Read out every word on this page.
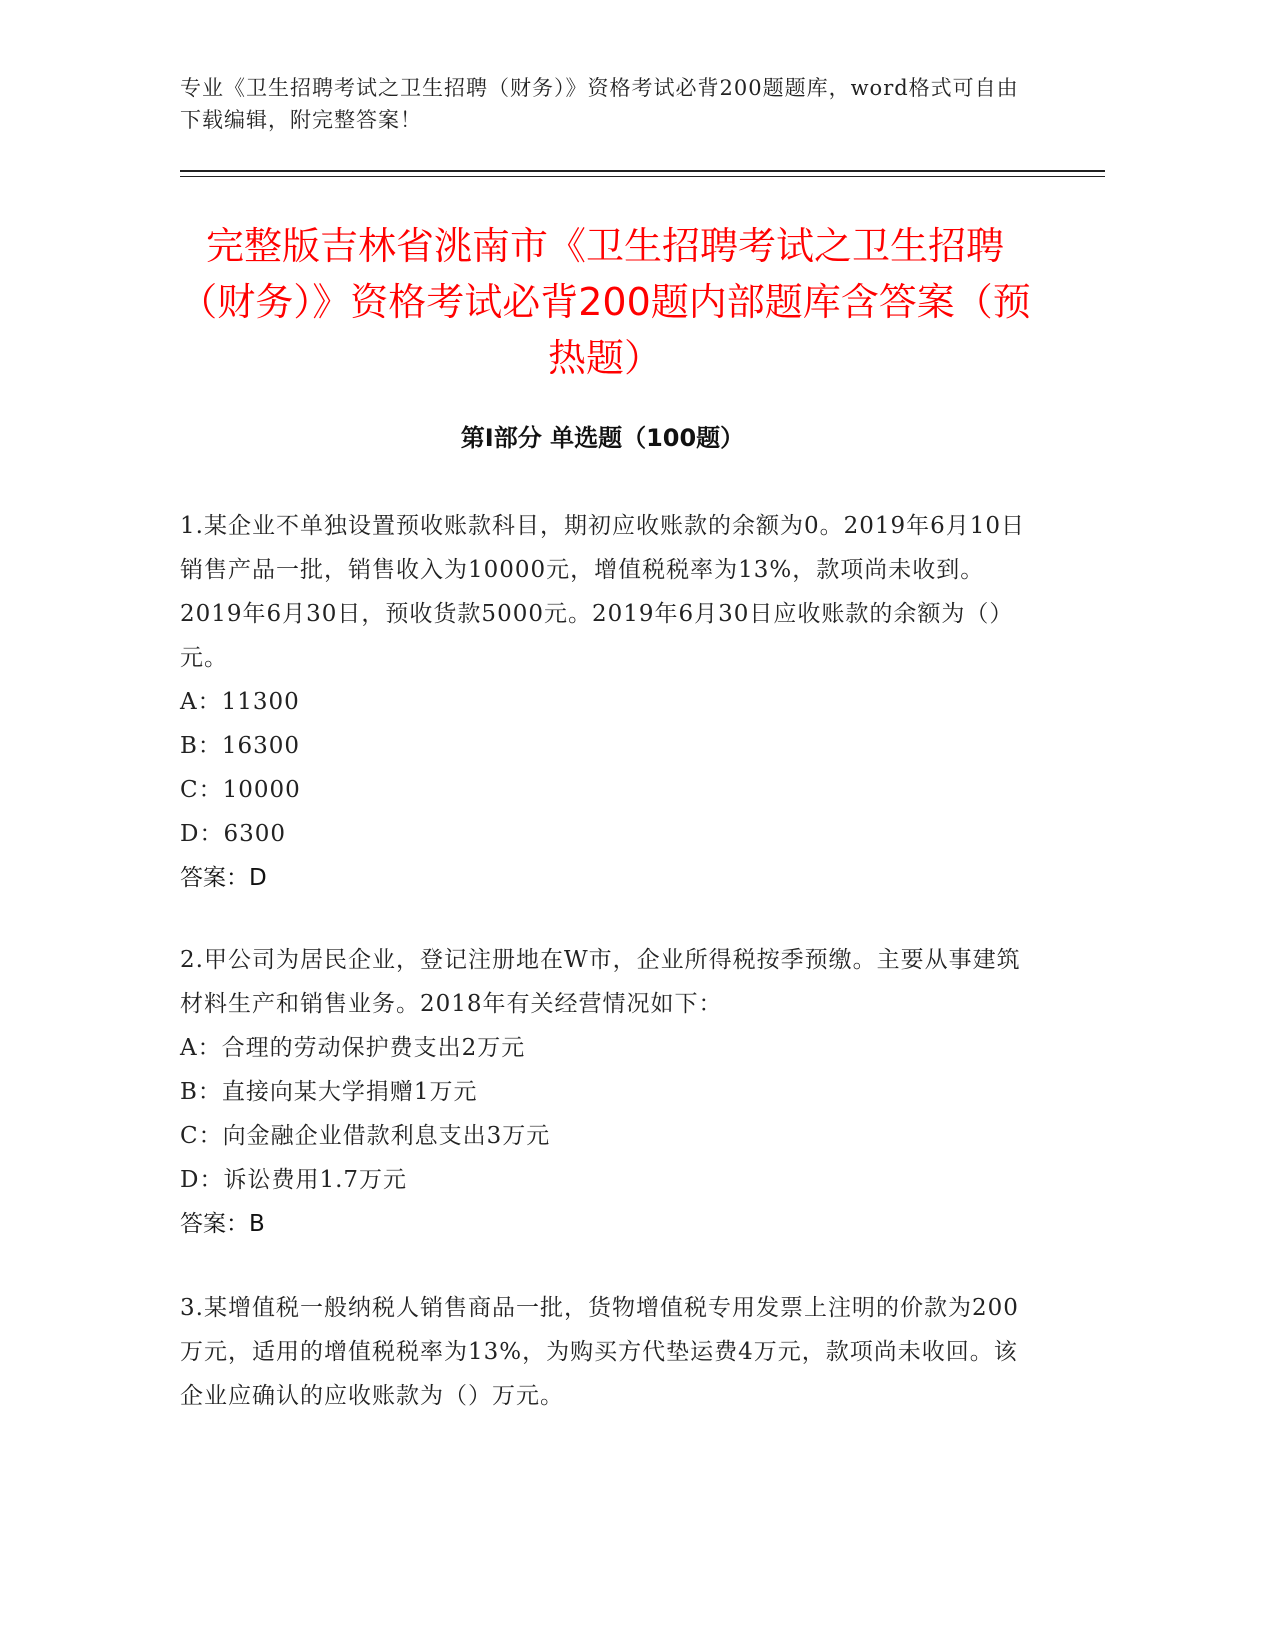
专业《卫生招聘考试之卫生招聘（财务）》资格考试必背200题题库，word格式可自由下载编辑，附完整答案！
完整版吉林省洮南市《卫生招聘考试之卫生招聘（财务）》资格考试必背200题内部题库含答案（预热题）
第I部分 单选题（100题）

1.某企业不单独设置预收账款科目，期初应收账款的余额为0。2019年6月10日销售产品一批，销售收入为10000元，增值税税率为13%，款项尚未收到。2019年6月30日，预收货款5000元。2019年6月30日应收账款的余额为（）元。

A：11300

B：16300

C：10000

D：6300

答案：D

2.甲公司为居民企业，登记注册地在W市，企业所得税按季预缴。主要从事建筑材料生产和销售业务。2018年有关经营情况如下：

A：合理的劳动保护费支出2万元

B：直接向某大学捐赠1万元

C：向金融企业借款利息支出3万元

D：诉讼费用1.7万元

答案：B

3.某增值税一般纳税人销售商品一批，货物增值税专用发票上注明的价款为200万元，适用的增值税税率为13%，为购买方代垫运费4万元，款项尚未收回。该企业应确认的应收账款为（）万元。
